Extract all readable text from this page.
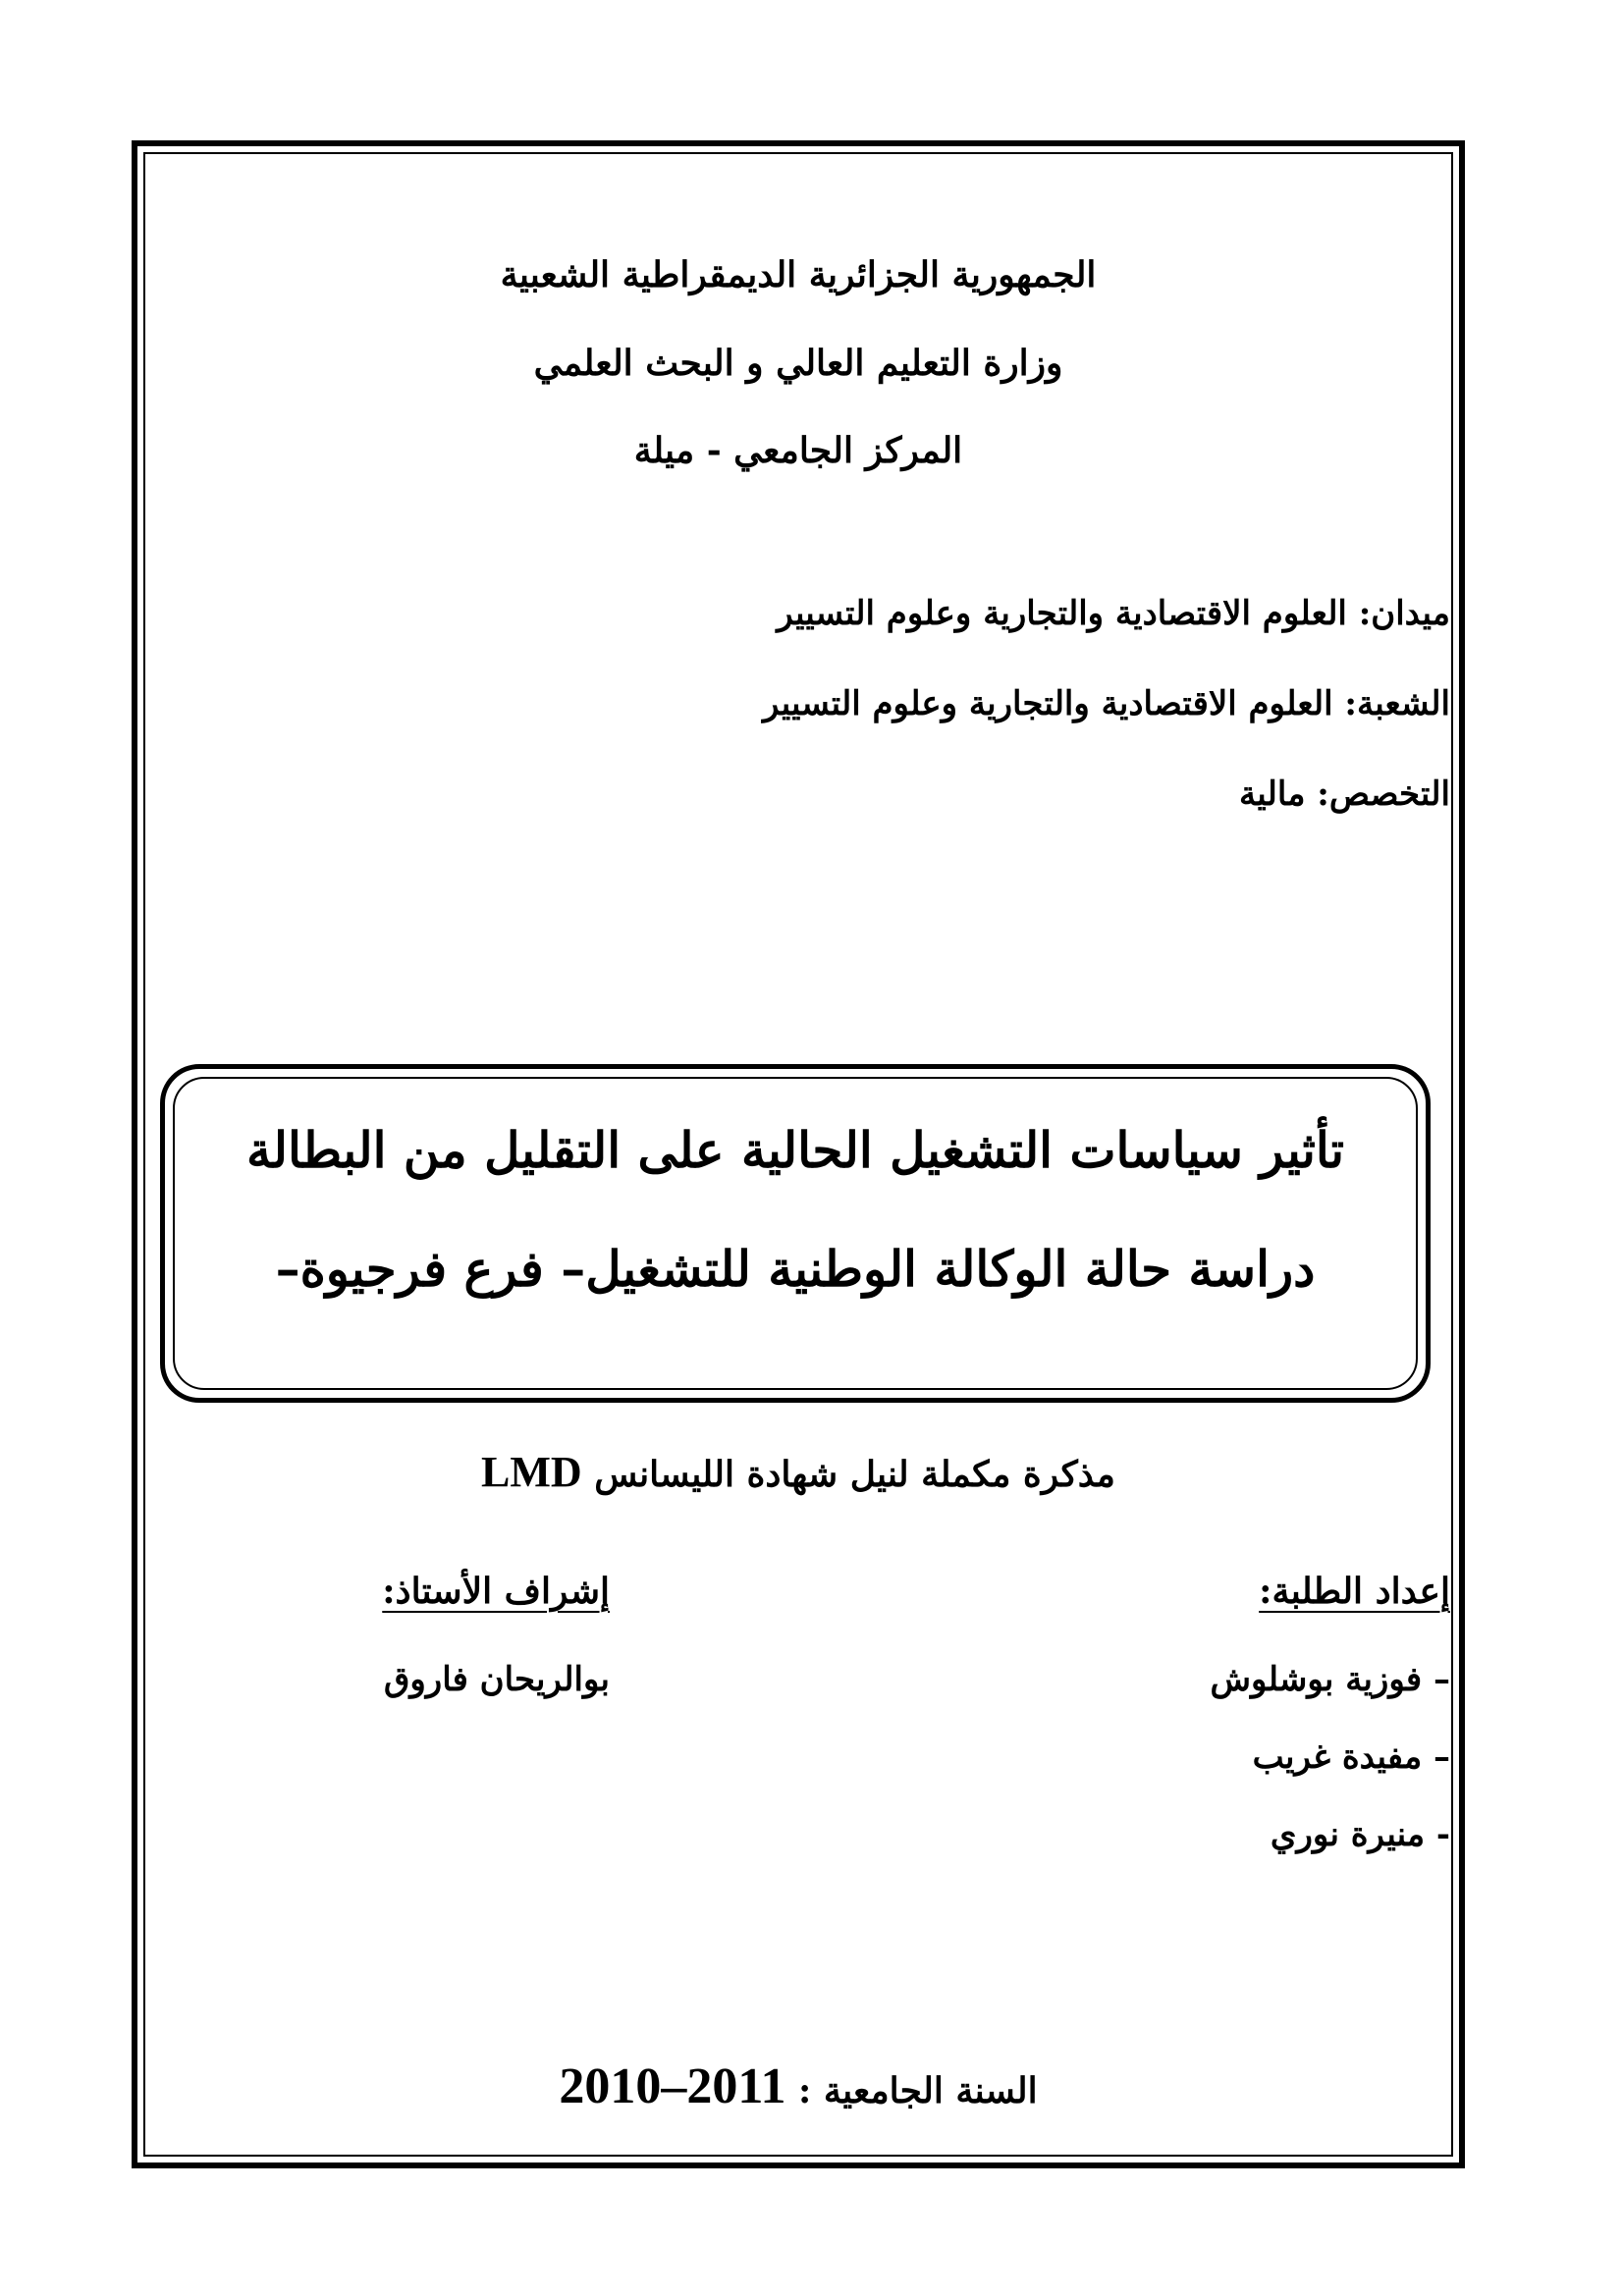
الجمهورية الجزائرية الديمقراطية الشعبية
وزارة التعليم العالي و البحث العلمي
المركز الجامعي - ميلة
ميدان: العلوم الاقتصادية والتجارية وعلوم التسيير
الشعبة: العلوم الاقتصادية والتجارية وعلوم التسيير
التخصص: مالية
تأثير سياسات التشغيل الحالية على التقليل من البطالة
دراسة حالة الوكالة الوطنية للتشغيل– فرع فرجيوة–
مذكرة مكملة لنيل شهادة الليسانس LMD
إعداد الطلبة:
– فوزية بوشلوش
– مفيدة غريب
- منيرة نوري
إشراف الأستاذ:
بوالريحان فاروق
السنة الجامعية : 2010–2011
